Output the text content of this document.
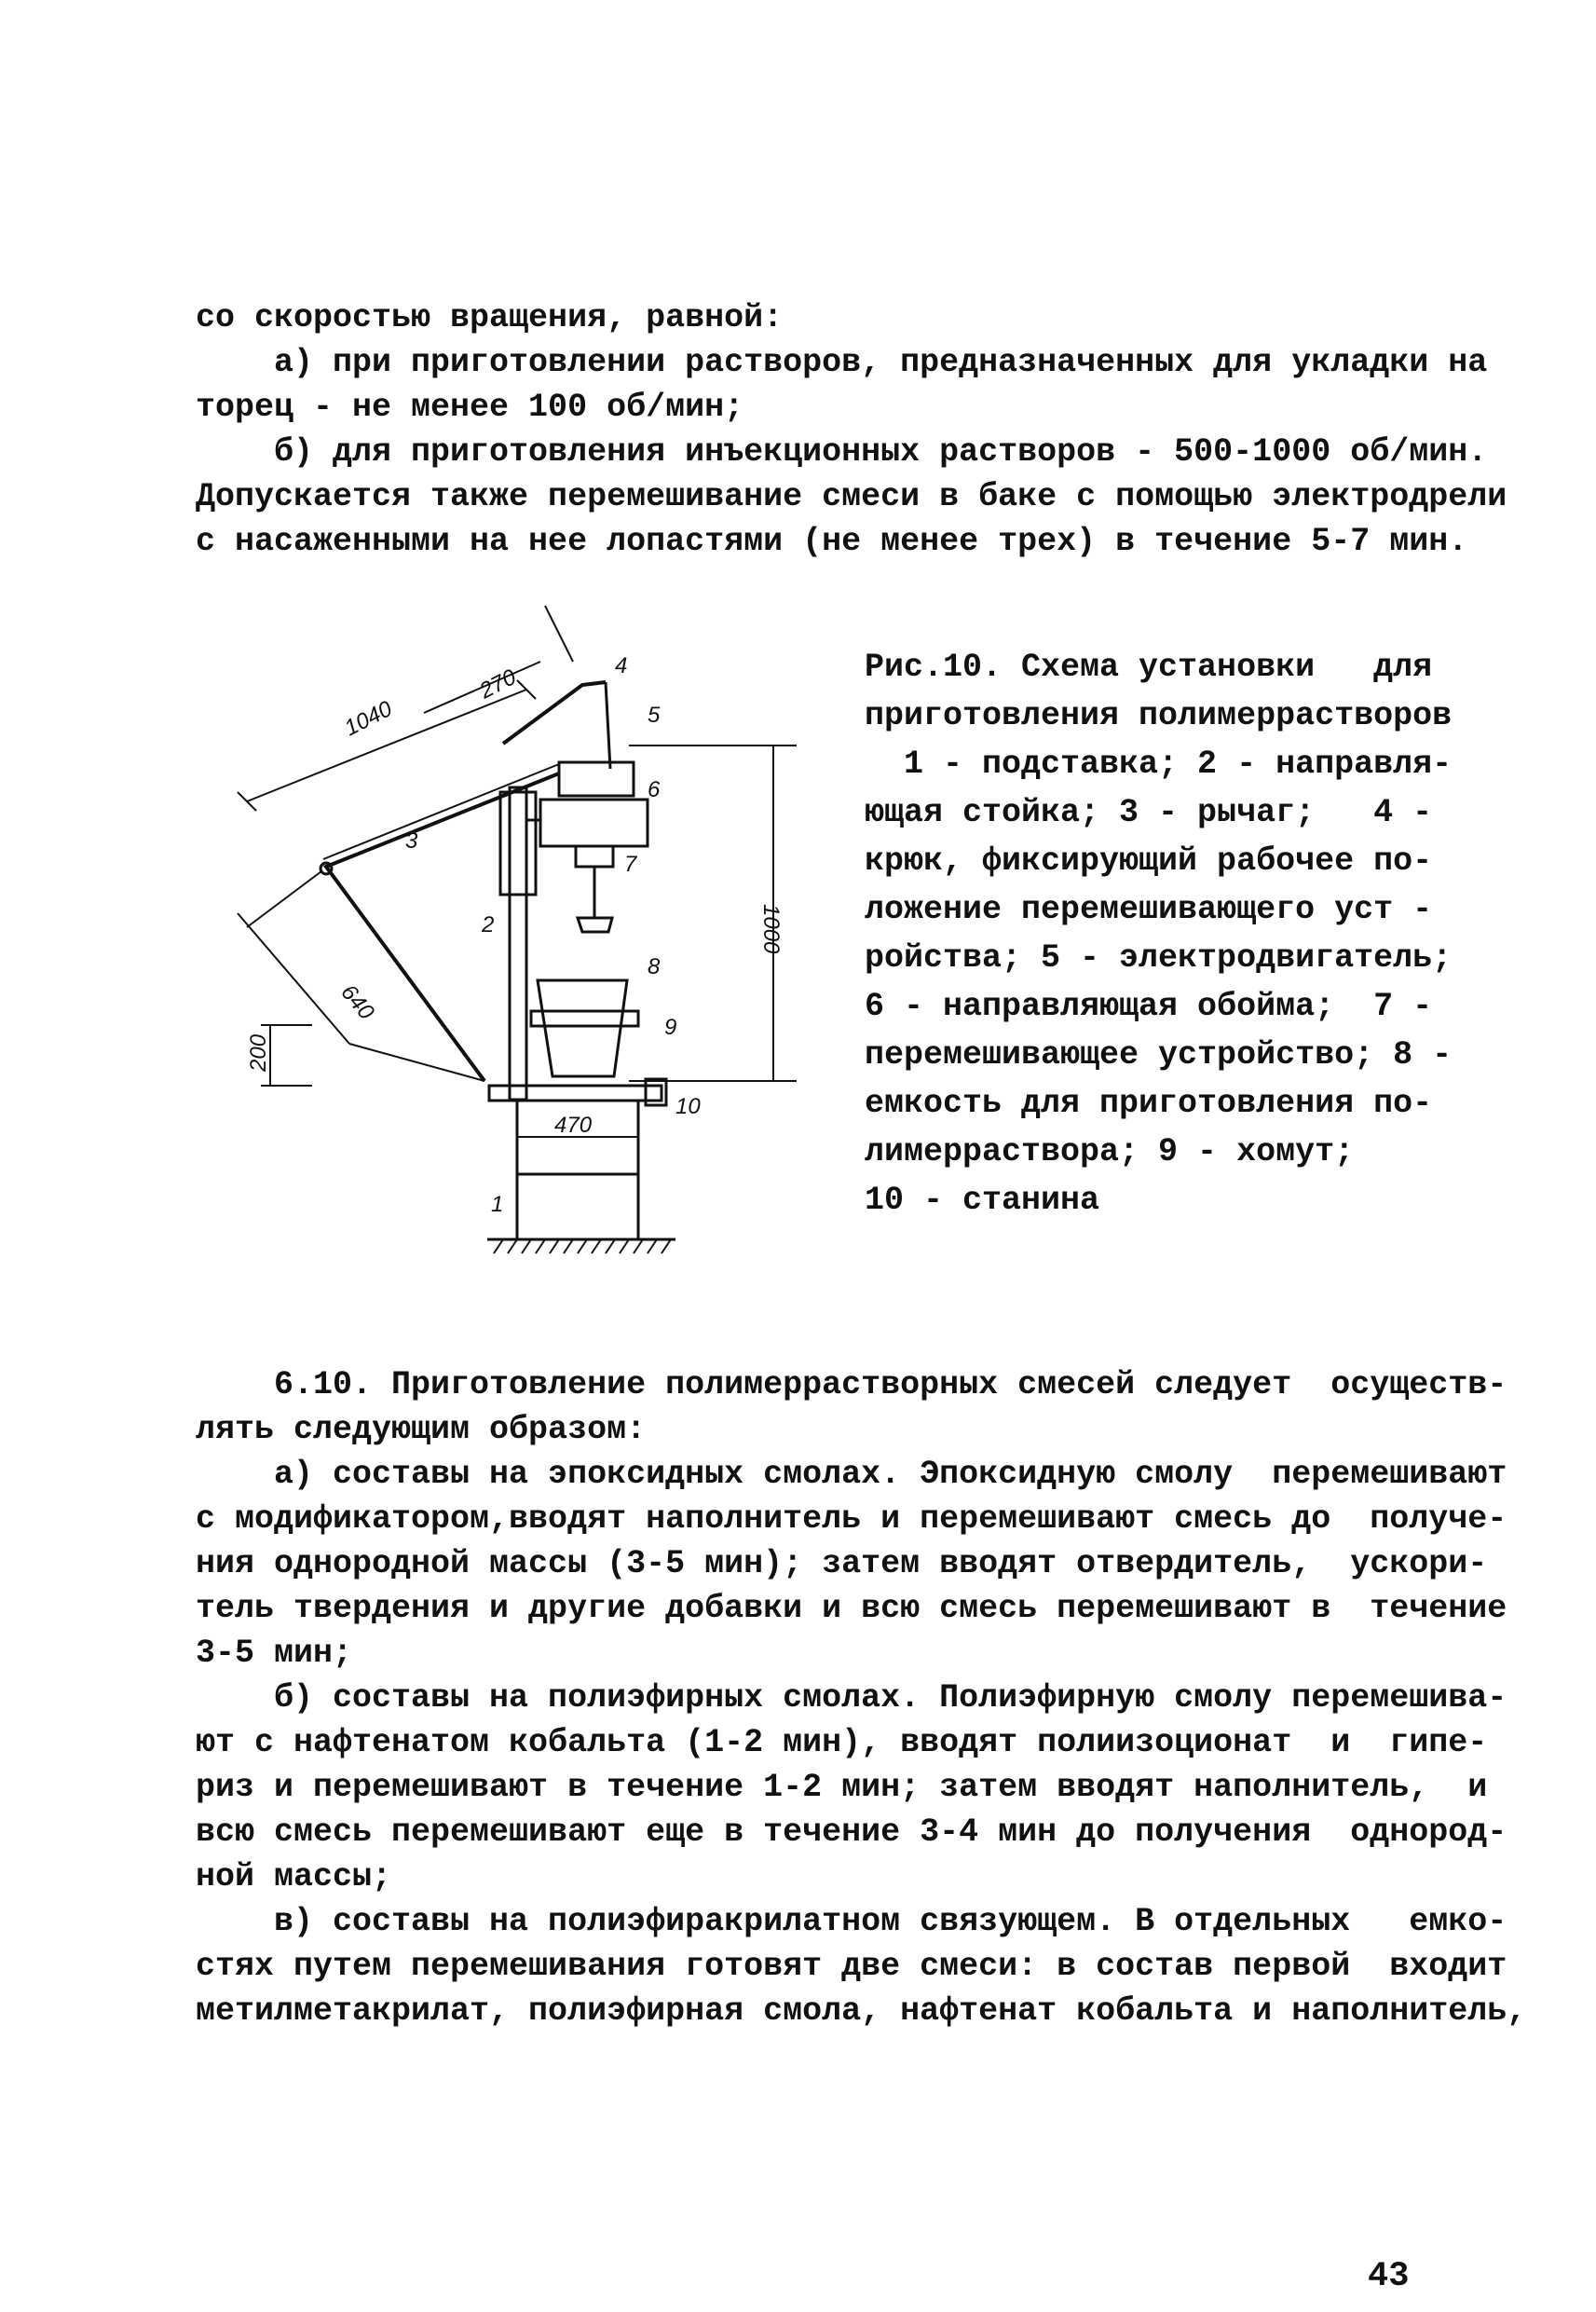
со скоростью вращения, равной:
а) при приготовлении растворов, предназначенных для укладки на
торец - не менее 100 об/мин;
б) для приготовления инъекционных растворов - 500-1000 об/мин.
Допускается также перемешивание смеси в баке с помощью электродрели
с насаженными на нее лопастями (не менее трех) в течение 5-7 мин.
1040
270
1000
640
200
470
1
2
3
4
5
6
7
8
9
10
Рис.10. Схема установки   для
приготовления полимеррастворов
1 - подставка; 2 - направля-
ющая стойка; 3 - рычаг;   4 -
крюк, фиксирующий рабочее по-
ложение перемешивающего уст -
ройства; 5 - электродвигатель;
6 - направляющая обойма;  7 -
перемешивающее устройство; 8 -
емкость для приготовления по-
лимерраствора; 9 - хомут;
10 - станина
6.10. Приготовление полимеррастворных смесей следует  осуществ-
лять следующим образом:
а) составы на эпоксидных смолах. Эпоксидную смолу  перемешивают
с модификатором,вводят наполнитель и перемешивают смесь до  получе-
ния однородной массы (3-5 мин); затем вводят отвердитель,  ускори-
тель твердения и другие добавки и всю смесь перемешивают в  течение
3-5 мин;
б) составы на полиэфирных смолах. Полиэфирную смолу перемешива-
ют с нафтенатом кобальта (1-2 мин), вводят полиизоционат  и  гипе-
риз и перемешивают в течение 1-2 мин; затем вводят наполнитель,  и
всю смесь перемешивают еще в течение 3-4 мин до получения  однород-
ной массы;
в) составы на полиэфиракрилатном связующем. В отдельных   емко-
стях путем перемешивания готовят две смеси: в состав первой  входит
метилметакрилат, полиэфирная смола, нафтенат кобальта и наполнитель,
43
